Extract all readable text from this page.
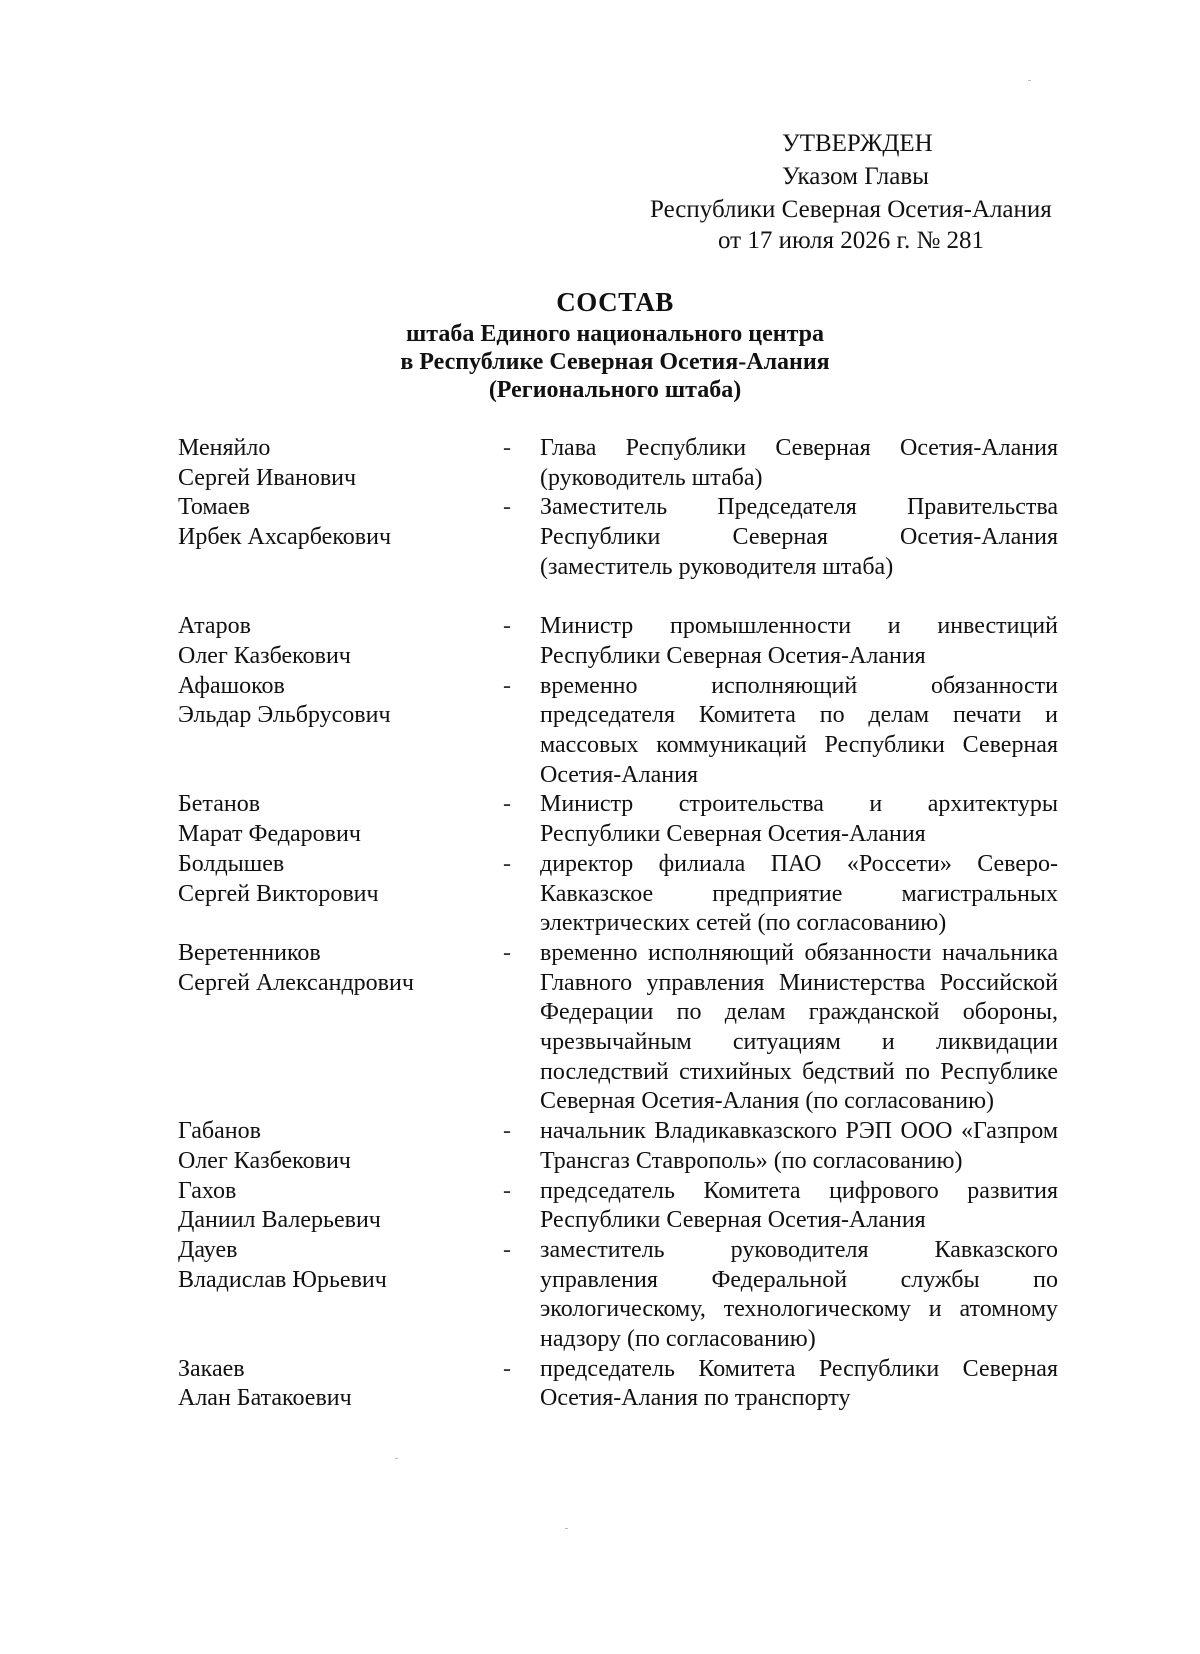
УТВЕРЖДЕН
Указом Главы
Республики Северная Осетия-Алания
от 17 июля 2026 г. № 281
СОСТАВ
штаба Единого национального центра
в Республике Северная Осетия-Алания
(Регионального штаба)
Меняйло
Сергей Иванович
-	Глава Республики Северная Осетия-Алания (руководитель штаба)
Томаев
Ирбек Ахсарбекович
-	Заместитель Председателя Правительства Республики Северная Осетия-Алания (заместитель руководителя штаба)
Атаров
Олег Казбекович
-	Министр промышленности и инвестиций Республики Северная Осетия-Алания
Афашоков
Эльдар Эльбрусович
-	временно исполняющий обязанности председателя Комитета по делам печати и массовых коммуникаций Республики Северная Осетия-Алания
Бетанов
Марат Федарович
-	Министр строительства и архитектуры Республики Северная Осетия-Алания
Болдышев
Сергей Викторович
-	директор филиала ПАО «Россети» Северо-Кавказское предприятие магистральных электрических сетей (по согласованию)
Веретенников
Сергей Александрович
-	временно исполняющий обязанности начальника Главного управления Министерства Российской Федерации по делам гражданской обороны, чрезвычайным ситуациям и ликвидации последствий стихийных бедствий по Республике Северная Осетия-Алания (по согласованию)
Габанов
Олег Казбекович
-	начальник Владикавказского РЭП ООО «Газпром Трансгаз Ставрополь» (по согласованию)
Гахов
Даниил Валерьевич
-	председатель Комитета цифрового развития Республики Северная Осетия-Алания
Дауев
Владислав Юрьевич
-	заместитель руководителя Кавказского управления Федеральной службы по экологическому, технологическому и атомному надзору (по согласованию)
Закаев
Алан Батакоевич
-	председатель Комитета Республики Северная Осетия-Алания по транспорту
